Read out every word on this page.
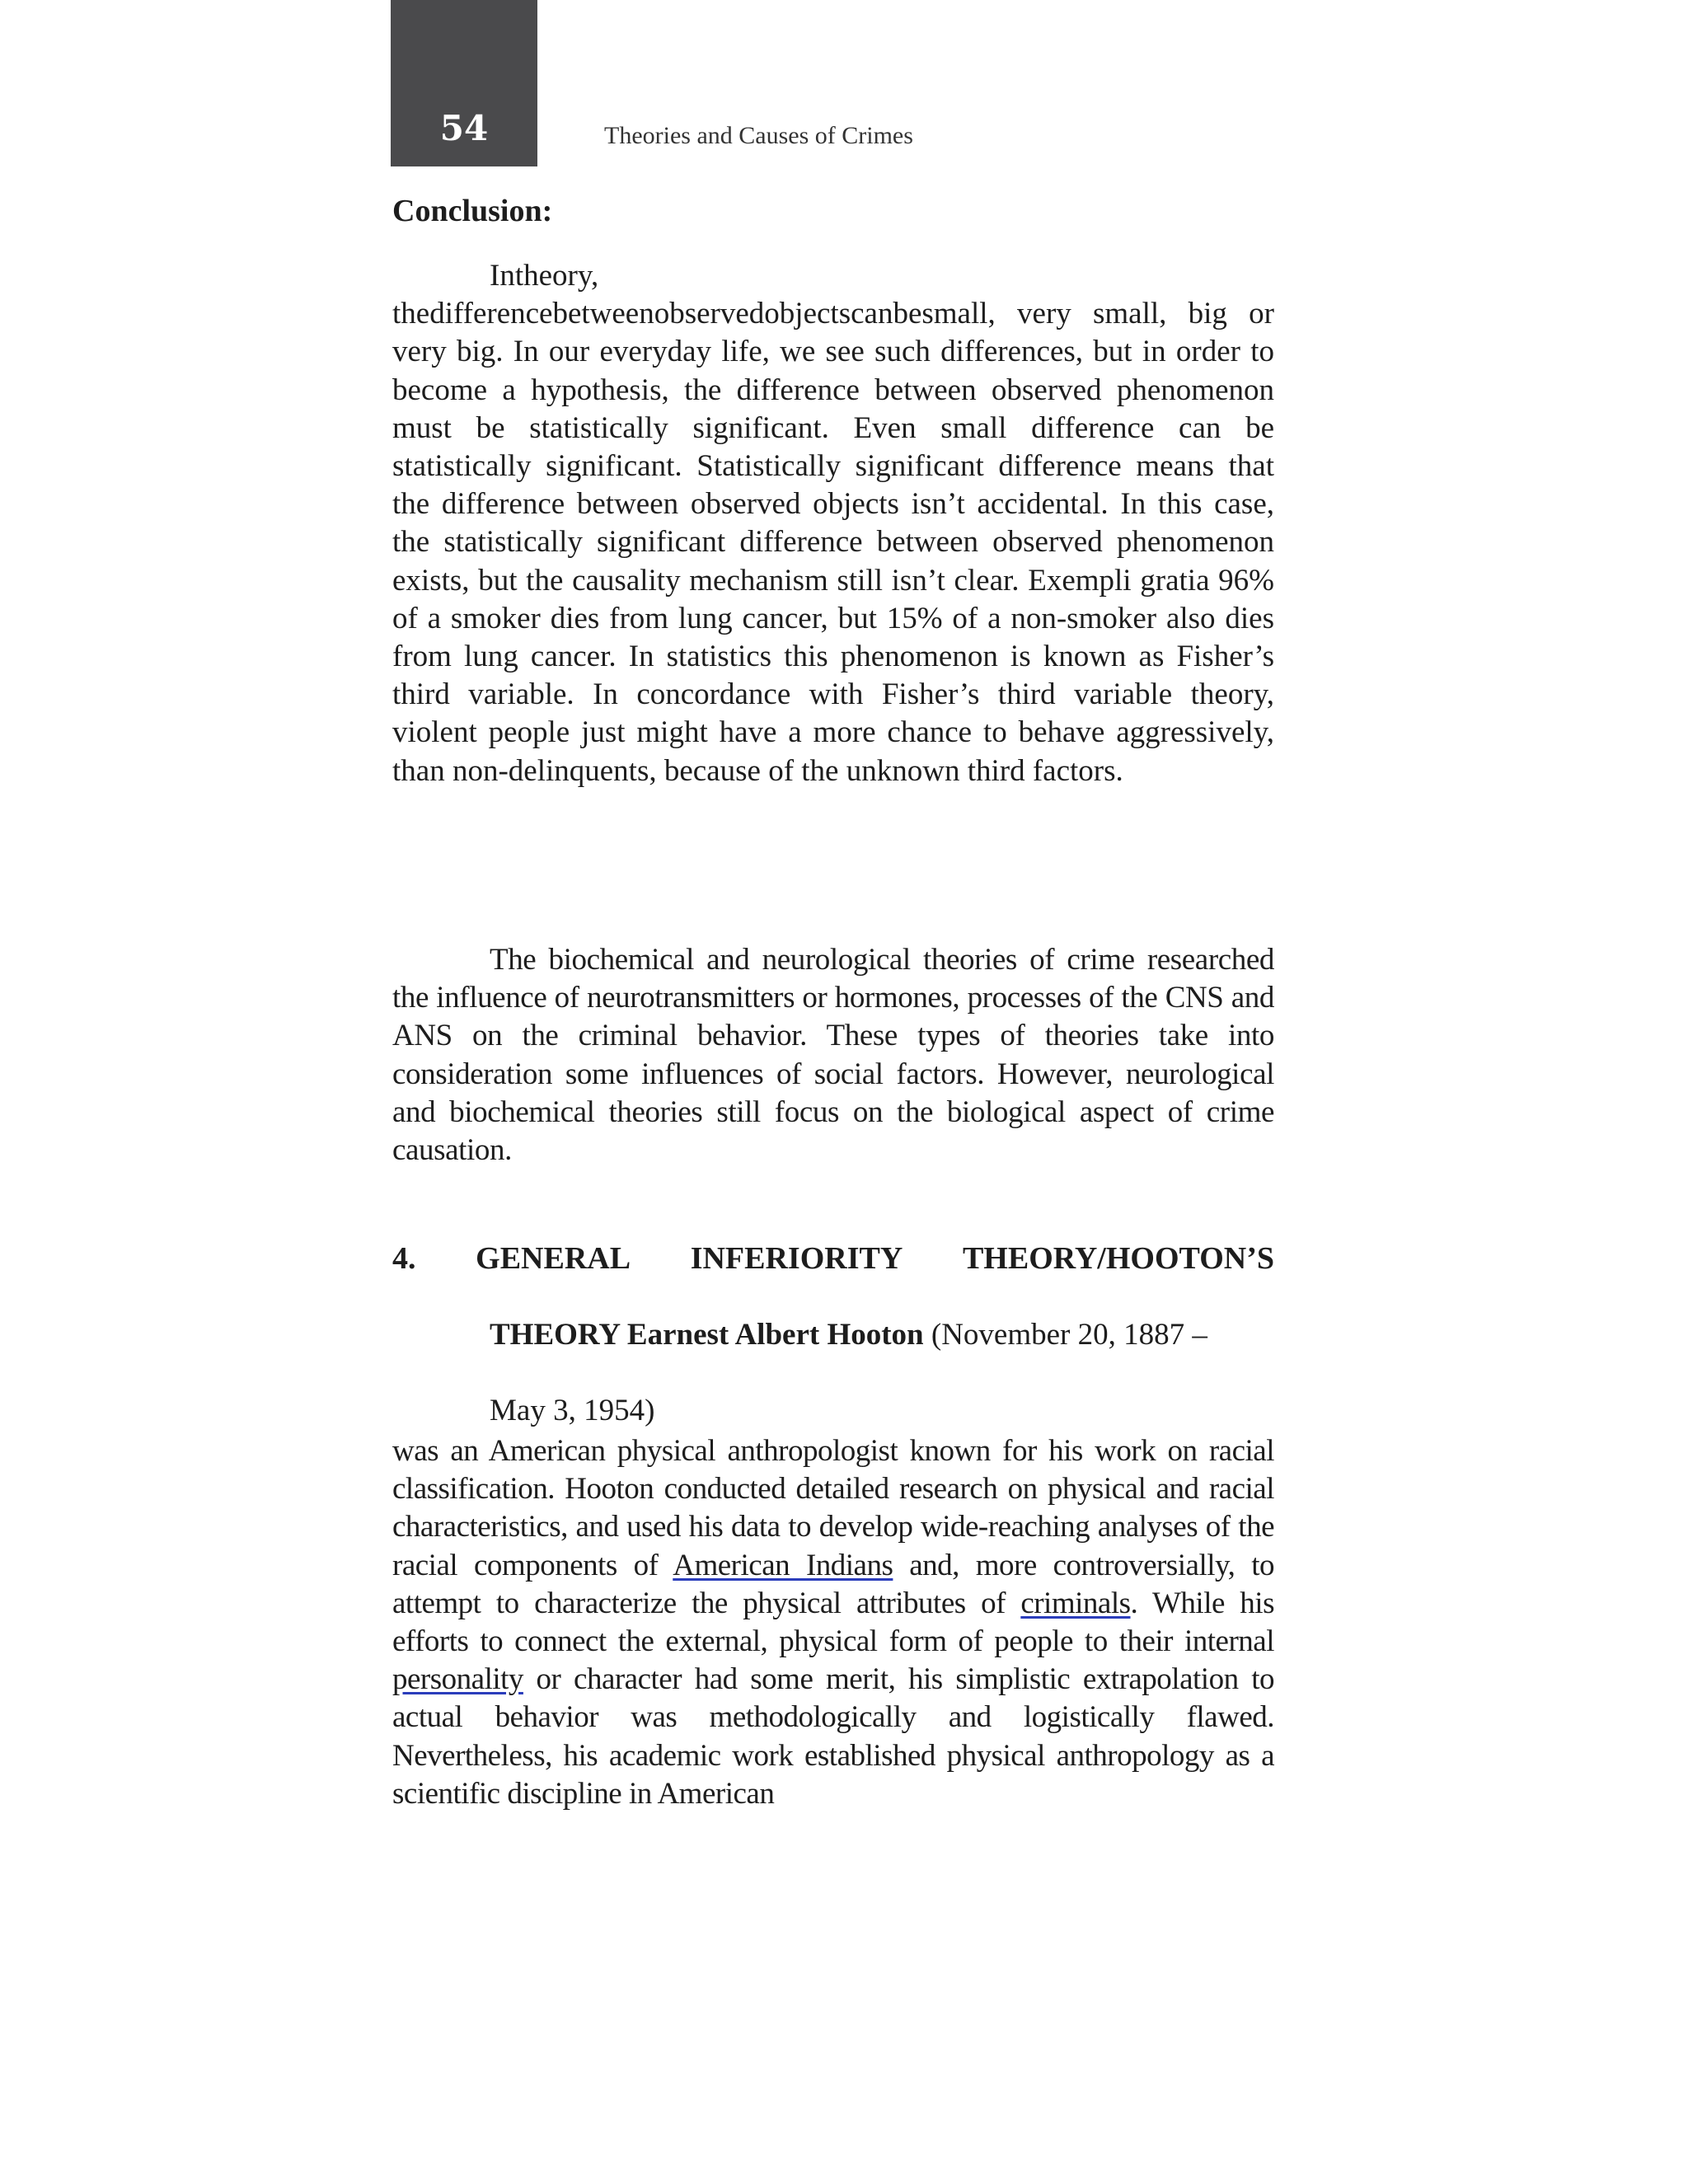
54	Theories and Causes of Crimes
Conclusion:

Intheory,
thedifferencebetweenobservedobjectscanbesmall, very small, big or very big. In our everyday life, we see such differences, but in order to become a hypothesis, the difference between observed phenomenon must be statistically significant. Even small difference can be statistically significant. Statistically significant difference means that the difference between observed objects isn’t accidental. In this case, the statistically significant difference between observed phenomenon exists, but the causality mechanism still isn’t clear. Exempli gratia 96% of a smoker dies from lung cancer, but 15% of a non-smoker also dies from lung cancer. In statistics this phenomenon is known as Fisher’s third variable. In concordance with Fisher’s third variable theory, violent people just might have a more chance to behave aggressively, than non-delinquents, because of the unknown third factors.

The biochemical and neurological theories of crime researched the influence of neurotransmitters or hormones, processes of the CNS and ANS on the criminal behavior. These types of theories take into consideration some influences of social factors. However, neurological and biochemical theories still focus on the biological aspect of crime causation.

4. GENERAL INFERIORITY THEORY/HOOTON’S

THEORY Earnest Albert Hooton (November 20, 1887 –

May 3, 1954)

was an American physical anthropologist known for his work on racial classification. Hooton conducted detailed research on physical and racial characteristics, and used his data to develop wide-reaching analyses of the racial components of American Indians and, more controversially, to attempt to characterize the physical attributes of criminals. While his efforts to connect the external, physical form of people to their internal personality or character had some merit, his simplistic extrapolation to actual behavior was methodologically and logistically flawed. Nevertheless, his academic work established physical anthropology as a scientific discipline in American
